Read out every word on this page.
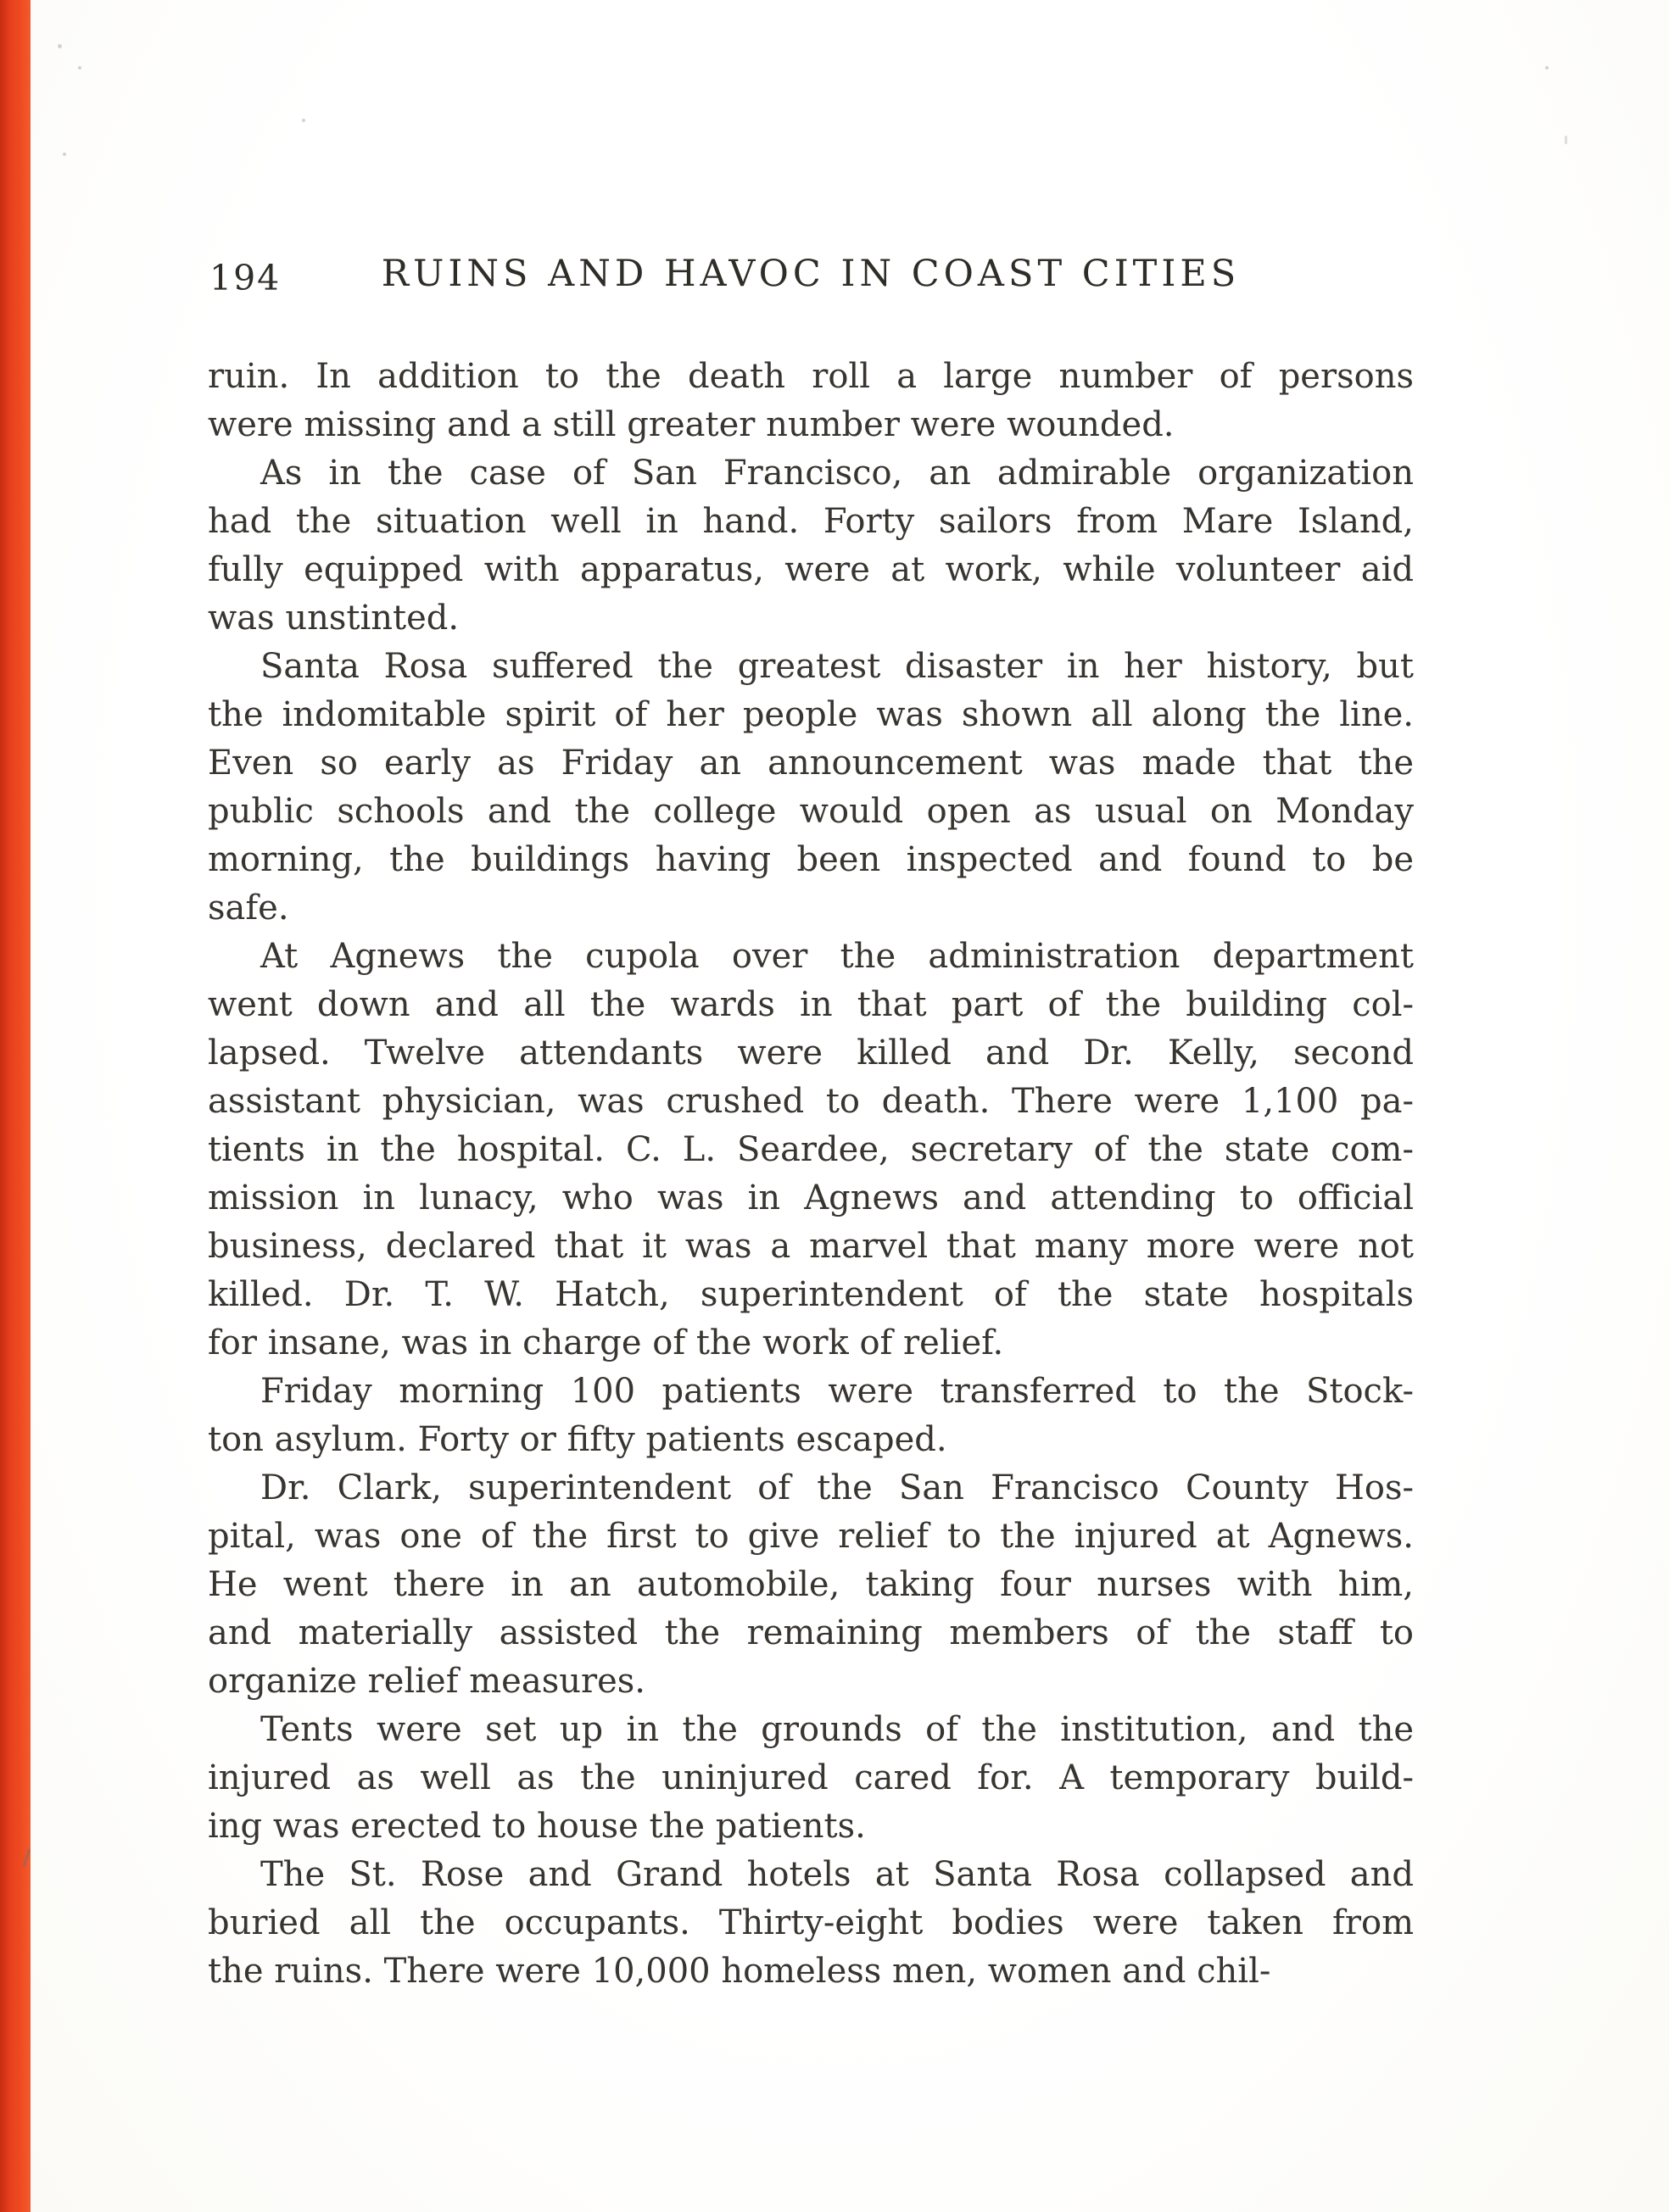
194	RUINS AND HAVOC IN COAST CITIES
ruin. In addition to the death roll a large number of persons
were missing and a still greater number were wounded.
As in the case of San Francisco, an admirable organization
had the situation well in hand. Forty sailors from Mare Island,
fully equipped with apparatus, were at work, while volunteer aid
was unstinted.
Santa Rosa suffered the greatest disaster in her history, but
the indomitable spirit of her people was shown all along the line.
Even so early as Friday an announcement was made that the
public schools and the college would open as usual on Monday
morning, the buildings having been inspected and found to be
safe.
At Agnews the cupola over the administration department
went down and all the wards in that part of the building col-
lapsed. Twelve attendants were killed and Dr. Kelly, second
assistant physician, was crushed to death. There were 1,100 pa-
tients in the hospital. C. L. Seardee, secretary of the state com-
mission in lunacy, who was in Agnews and attending to official
business, declared that it was a marvel that many more were not
killed. Dr. T. W. Hatch, superintendent of the state hospitals
for insane, was in charge of the work of relief.
Friday morning 100 patients were transferred to the Stock-
ton asylum. Forty or fifty patients escaped.
Dr. Clark, superintendent of the San Francisco County Hos-
pital, was one of the first to give relief to the injured at Agnews.
He went there in an automobile, taking four nurses with him,
and materially assisted the remaining members of the staff to
organize relief measures.
Tents were set up in the grounds of the institution, and the
injured as well as the uninjured cared for. A temporary build-
ing was erected to house the patients.
The St. Rose and Grand hotels at Santa Rosa collapsed and
buried all the occupants. Thirty-eight bodies were taken from
the ruins. There were 10,000 homeless men, women and chil-
